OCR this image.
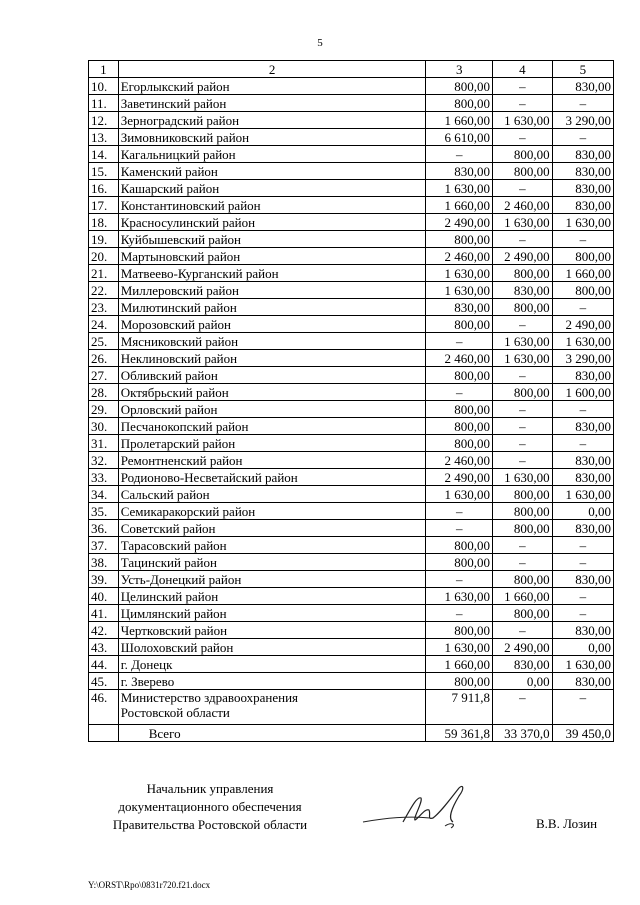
5
1	2	3	4	5
10.	Егорлыкский район	800,00	–	830,00
11.	Заветинский район	800,00	–	–
12.	Зерноградский район	1 660,00	1 630,00	3 290,00
13.	Зимовниковский район	6 610,00	–	–
14.	Кагальницкий район	–	800,00	830,00
15.	Каменский район	830,00	800,00	830,00
16.	Кашарский район	1 630,00	–	830,00
17.	Константиновский район	1 660,00	2 460,00	830,00
18.	Красносулинский район	2 490,00	1 630,00	1 630,00
19.	Куйбышевский район	800,00	–	–
20.	Мартыновский район	2 460,00	2 490,00	800,00
21.	Матвеево-Курганский район	1 630,00	800,00	1 660,00
22.	Миллеровский район	1 630,00	830,00	800,00
23.	Милютинский район	830,00	800,00	–
24.	Морозовский район	800,00	–	2 490,00
25.	Мясниковский район	–	1 630,00	1 630,00
26.	Неклиновский район	2 460,00	1 630,00	3 290,00
27.	Обливский район	800,00	–	830,00
28.	Октябрьский район	–	800,00	1 600,00
29.	Орловский район	800,00	–	–
30.	Песчанокопский район	800,00	–	830,00
31.	Пролетарский район	800,00	–	–
32.	Ремонтненский район	2 460,00	–	830,00
33.	Родионово-Несветайский район	2 490,00	1 630,00	830,00
34.	Сальский район	1 630,00	800,00	1 630,00
35.	Семикаракорский район	–	800,00	0,00
36.	Советский район	–	800,00	830,00
37.	Тарасовский район	800,00	–	–
38.	Тацинский район	800,00	–	–
39.	Усть-Донецкий район	–	800,00	830,00
40.	Целинский район	1 630,00	1 660,00	–
41.	Цимлянский район	–	800,00	–
42.	Чертковский район	800,00	–	830,00
43.	Шолоховский район	1 630,00	2 490,00	0,00
44.	г. Донецк	1 660,00	830,00	1 630,00
45.	г. Зверево	800,00	0,00	830,00
46.	Министерство здравоохранения
Ростовской области	7 911,8	–	–
	Всего	59 361,8	33 370,0	39 450,0
Начальник управления
документационного обеспечения
Правительства Ростовской области	В.В. Лозин
Y:\ORST\Rpo\0831r720.f21.docx
